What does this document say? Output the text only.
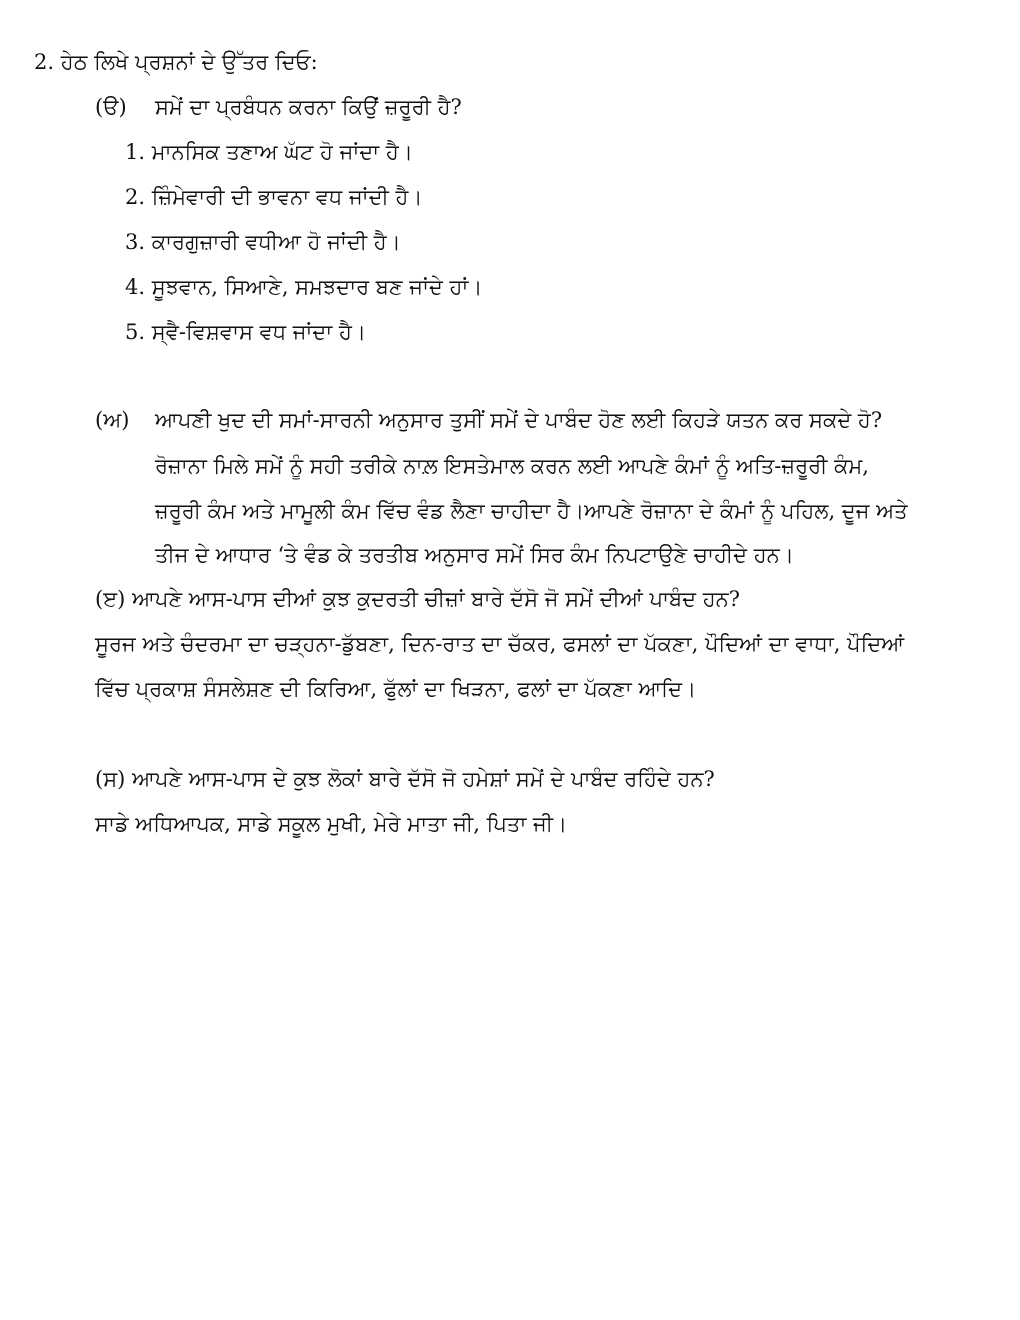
2. ਹੇਠ ਲਿਖੇ ਪ੍ਰਸ਼ਨਾਂ ਦੇ ਉੱਤਰ ਦਿਓ:
(ੳ) ਸਮੇਂ ਦਾ ਪ੍ਰਬੰਧਨ ਕਰਨਾ ਕਿਉਂ ਜ਼ਰੂਰੀ ਹੈ?
1. ਮਾਨਸਿਕ ਤਣਾਅ ਘੱਟ ਹੋ ਜਾਂਦਾ ਹੈ।
2. ਜ਼ਿੰਮੇਵਾਰੀ ਦੀ ਭਾਵਨਾ ਵਧ ਜਾਂਦੀ ਹੈ।
3. ਕਾਰਗੁਜ਼ਾਰੀ ਵਧੀਆ ਹੋ ਜਾਂਦੀ ਹੈ।
4. ਸੂਝਵਾਨ, ਸਿਆਣੇ, ਸਮਝਦਾਰ ਬਣ ਜਾਂਦੇ ਹਾਂ।
5. ਸ੍ਵੈ-ਵਿਸ਼ਵਾਸ ਵਧ ਜਾਂਦਾ ਹੈ।
(ਅ) ਆਪਣੀ ਖੁਦ ਦੀ ਸਮਾਂ-ਸਾਰਨੀ ਅਨੁਸਾਰ ਤੁਸੀਂ ਸਮੇਂ ਦੇ ਪਾਬੰਦ ਹੋਣ ਲਈ ਕਿਹੜੇ ਯਤਨ ਕਰ ਸਕਦੇ ਹੋ?
ਰੋਜ਼ਾਨਾ ਮਿਲੇ ਸਮੇਂ ਨੂੰ ਸਹੀ ਤਰੀਕੇ ਨਾਲ਼ ਇਸਤੇਮਾਲ ਕਰਨ ਲਈ ਆਪਣੇ ਕੰਮਾਂ ਨੂੰ ਅਤਿ-ਜ਼ਰੂਰੀ ਕੰਮ,
ਜ਼ਰੂਰੀ ਕੰਮ ਅਤੇ ਮਾਮੂਲੀ ਕੰਮ ਵਿੱਚ ਵੰਡ ਲੈਣਾ ਚਾਹੀਦਾ ਹੈ।ਆਪਣੇ ਰੋਜ਼ਾਨਾ ਦੇ ਕੰਮਾਂ ਨੂੰ ਪਹਿਲ, ਦੂਜ ਅਤੇ
ਤੀਜ ਦੇ ਆਧਾਰ ‘ਤੇ ਵੰਡ ਕੇ ਤਰਤੀਬ ਅਨੁਸਾਰ ਸਮੇਂ ਸਿਰ ਕੰਮ ਨਿਪਟਾਉਣੇ ਚਾਹੀਦੇ ਹਨ।
(ੲ) ਆਪਣੇ ਆਸ-ਪਾਸ ਦੀਆਂ ਕੁਝ ਕੁਦਰਤੀ ਚੀਜ਼ਾਂ ਬਾਰੇ ਦੱਸੋ ਜੋ ਸਮੇਂ ਦੀਆਂ ਪਾਬੰਦ ਹਨ?
ਸੂਰਜ ਅਤੇ ਚੰਦਰਮਾ ਦਾ ਚੜ੍ਹਨਾ-ਡੁੱਬਣਾ, ਦਿਨ-ਰਾਤ ਦਾ ਚੱਕਰ, ਫਸਲਾਂ ਦਾ ਪੱਕਣਾ, ਪੌਦਿਆਂ ਦਾ ਵਾਧਾ, ਪੌਦਿਆਂ
ਵਿੱਚ ਪ੍ਰਕਾਸ਼ ਸੰਸਲੇਸ਼ਣ ਦੀ ਕਿਰਿਆ, ਫੁੱਲਾਂ ਦਾ ਖਿੜਨਾ, ਫਲਾਂ ਦਾ ਪੱਕਣਾ ਆਦਿ।
(ਸ) ਆਪਣੇ ਆਸ-ਪਾਸ ਦੇ ਕੁਝ ਲੋਕਾਂ ਬਾਰੇ ਦੱਸੋ ਜੋ ਹਮੇਸ਼ਾਂ ਸਮੇਂ ਦੇ ਪਾਬੰਦ ਰਹਿੰਦੇ ਹਨ?
ਸਾਡੇ ਅਧਿਆਪਕ, ਸਾਡੇ ਸਕੂਲ ਮੁਖੀ, ਮੇਰੇ ਮਾਤਾ ਜੀ, ਪਿਤਾ ਜੀ।
